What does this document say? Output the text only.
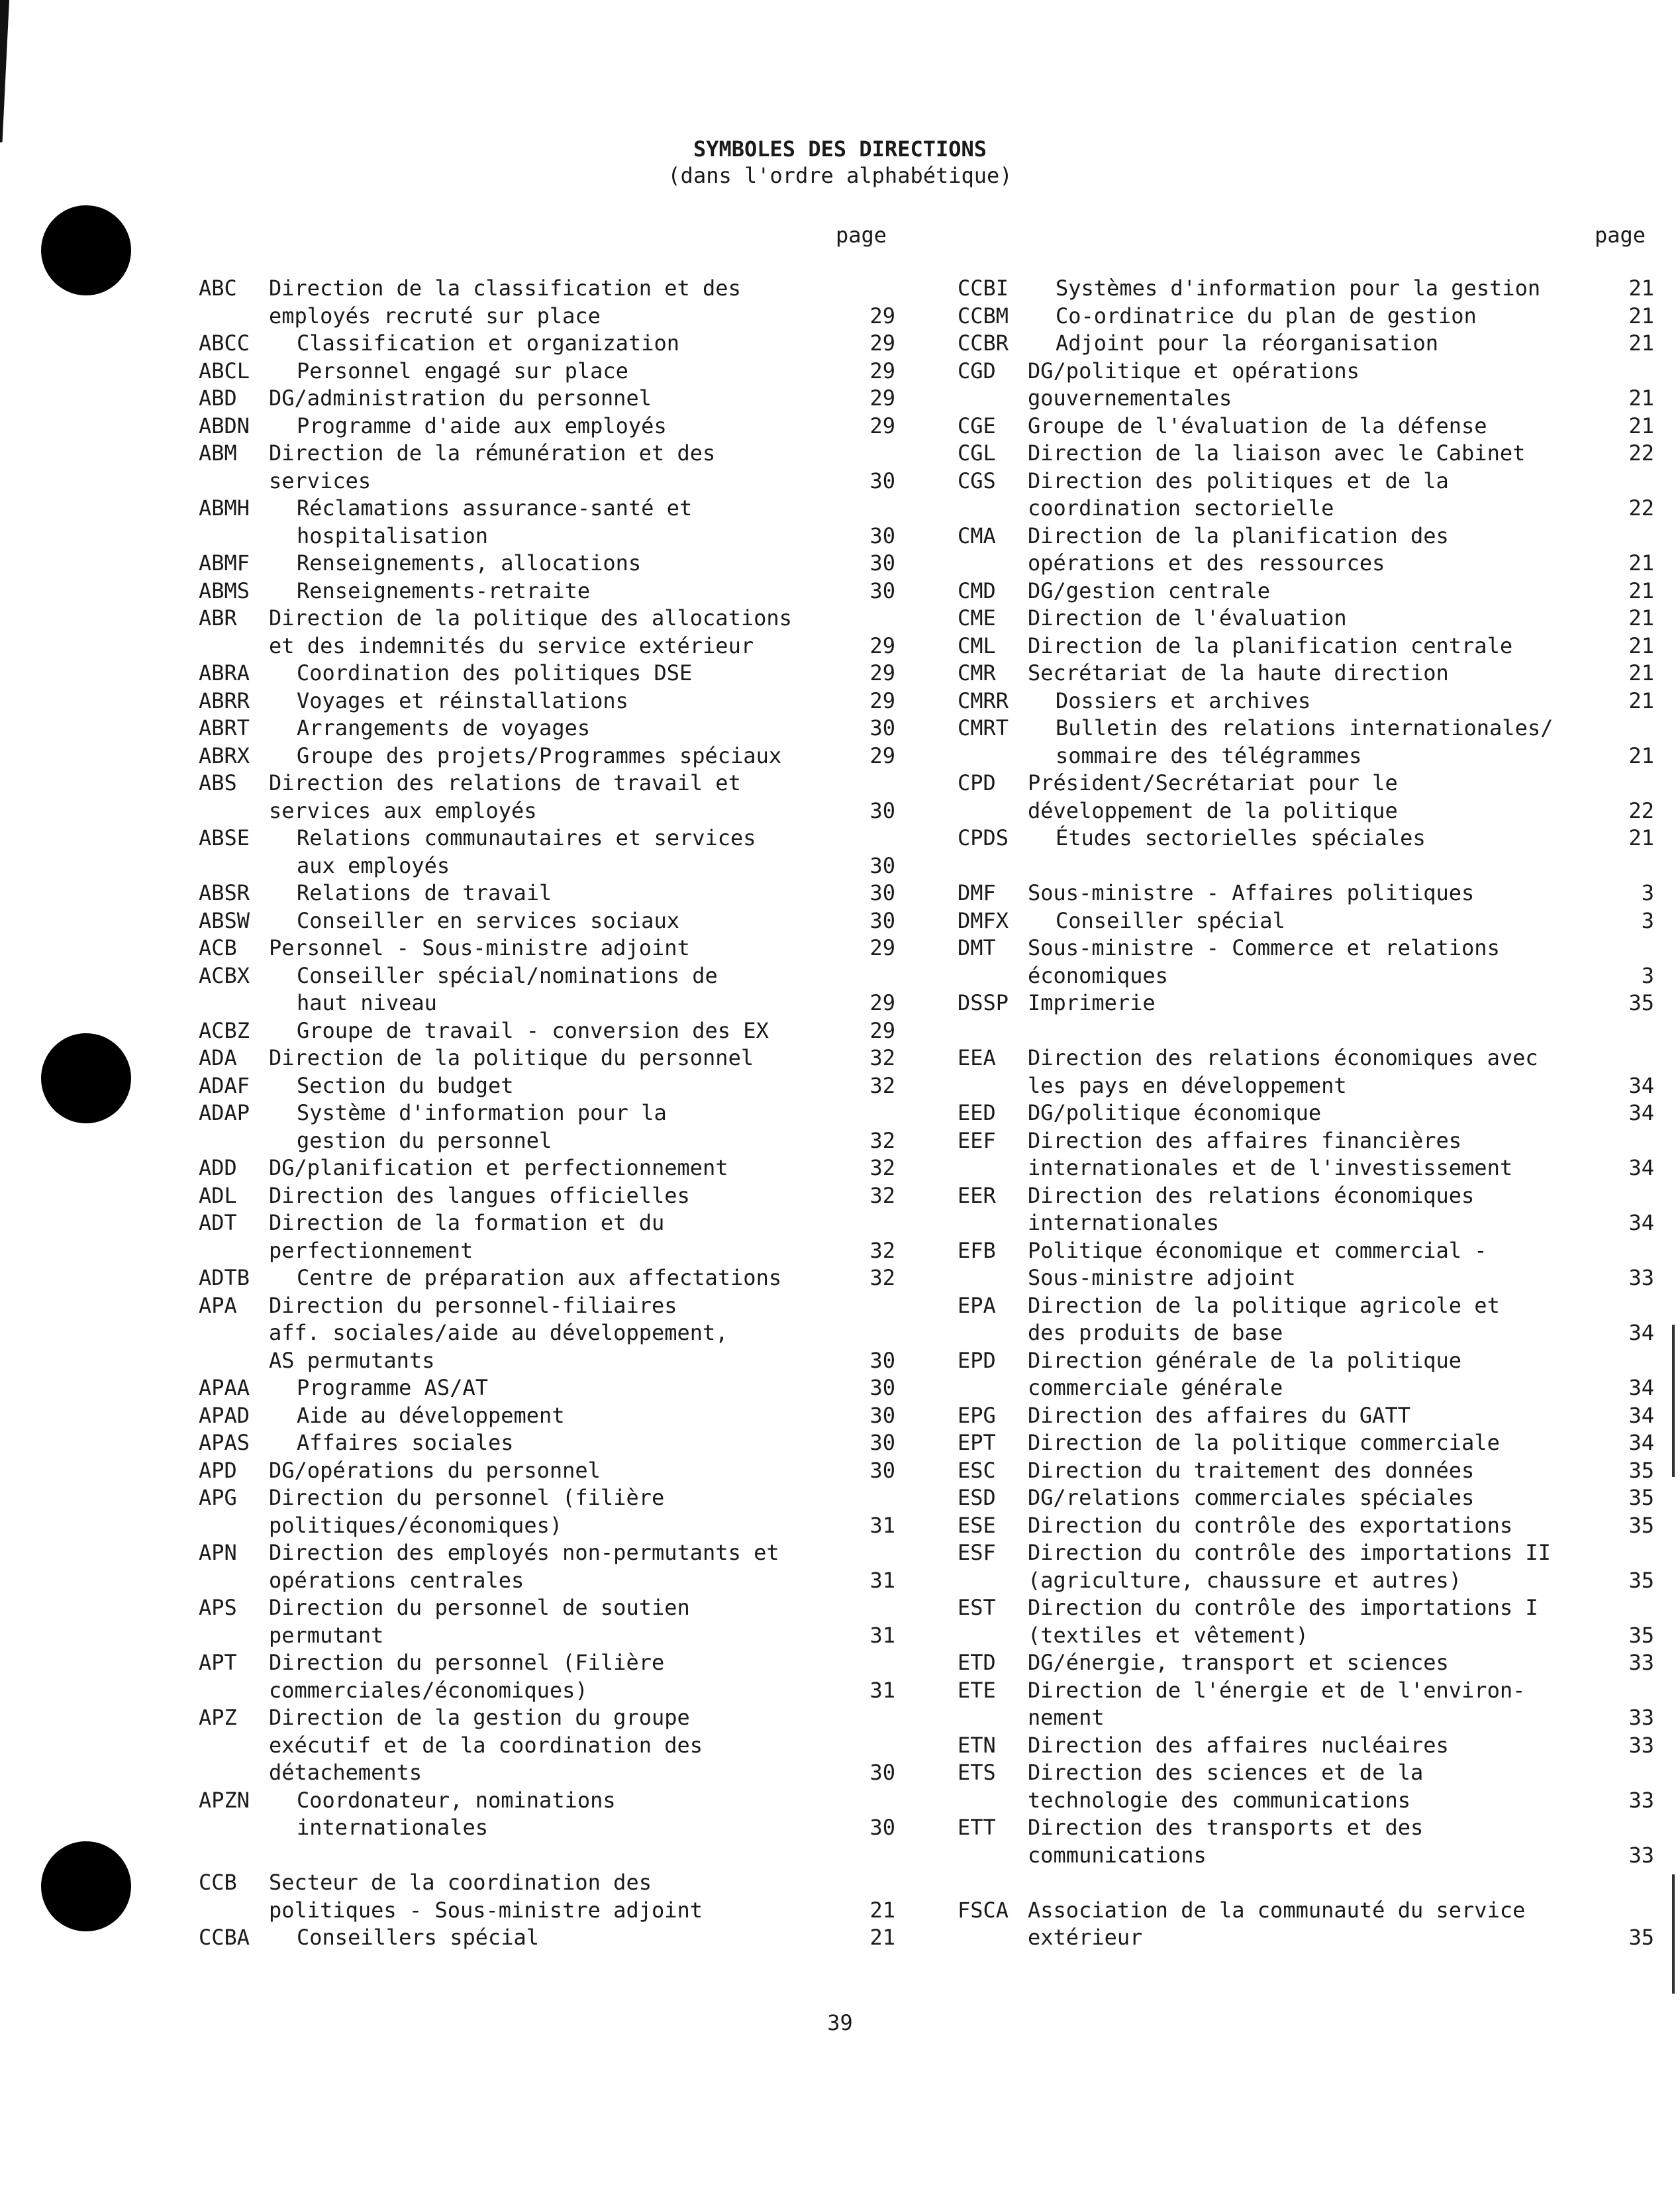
SYMBOLES DES DIRECTIONS
(dans l'ordre alphabétique)
page	page
ABC	Direction de la classification et des
employés recruté sur place	29
ABCC	Classification et organization	29
ABCL	Personnel engagé sur place	29
ABD	DG/administration du personnel	29
ABDN	Programme d'aide aux employés	29
ABM	Direction de la rémunération et des
services	30
ABMH	Réclamations assurance-santé et
hospitalisation	30
ABMF	Renseignements, allocations	30
ABMS	Renseignements-retraite	30
ABR	Direction de la politique des allocations
et des indemnités du service extérieur	29
ABRA	Coordination des politiques DSE	29
ABRR	Voyages et réinstallations	29
ABRT	Arrangements de voyages	30
ABRX	Groupe des projets/Programmes spéciaux	29
ABS	Direction des relations de travail et
services aux employés	30
ABSE	Relations communautaires et services
aux employés	30
ABSR	Relations de travail	30
ABSW	Conseiller en services sociaux	30
ACB	Personnel - Sous-ministre adjoint	29
ACBX	Conseiller spécial/nominations de
haut niveau	29
ACBZ	Groupe de travail - conversion des EX	29
ADA	Direction de la politique du personnel	32
ADAF	Section du budget	32
ADAP	Système d'information pour la
gestion du personnel	32
ADD	DG/planification et perfectionnement	32
ADL	Direction des langues officielles	32
ADT	Direction de la formation et du
perfectionnement	32
ADTB	Centre de préparation aux affectations	32
APA	Direction du personnel-filiaires
aff. sociales/aide au développement,
AS permutants	30
APAA	Programme AS/AT	30
APAD	Aide au développement	30
APAS	Affaires sociales	30
APD	DG/opérations du personnel	30
APG	Direction du personnel (filière
politiques/économiques)	31
APN	Direction des employés non-permutants et
opérations centrales	31
APS	Direction du personnel de soutien
permutant	31
APT	Direction du personnel (Filière
commerciales/économiques)	31
APZ	Direction de la gestion du groupe
exécutif et de la coordination des
détachements	30
APZN	Coordonateur, nominations
internationales	30
CCB	Secteur de la coordination des
politiques - Sous-ministre adjoint	21
CCBA	Conseillers spécial	21
CCBI	Systèmes d'information pour la gestion	21
CCBM	Co-ordinatrice du plan de gestion	21
CCBR	Adjoint pour la réorganisation	21
CGD	DG/politique et opérations
gouvernementales	21
CGE	Groupe de l'évaluation de la défense	21
CGL	Direction de la liaison avec le Cabinet	22
CGS	Direction des politiques et de la
coordination sectorielle	22
CMA	Direction de la planification des
opérations et des ressources	21
CMD	DG/gestion centrale	21
CME	Direction de l'évaluation	21
CML	Direction de la planification centrale	21
CMR	Secrétariat de la haute direction	21
CMRR	Dossiers et archives	21
CMRT	Bulletin des relations internationales/
sommaire des télégrammes	21
CPD	Président/Secrétariat pour le
développement de la politique	22
CPDS	Études sectorielles spéciales	21
DMF	Sous-ministre - Affaires politiques	3
DMFX	Conseiller spécial	3
DMT	Sous-ministre - Commerce et relations
économiques	3
DSSP Imprimerie	35
EEA	Direction des relations économiques avec
les pays en développement	34
EED	DG/politique économique	34
EEF	Direction des affaires financières
internationales et de l'investissement	34
EER	Direction des relations économiques
internationales	34
EFB	Politique économique et commercial -
Sous-ministre adjoint	33
EPA	Direction de la politique agricole et
des produits de base	34
EPD	Direction générale de la politique
commerciale générale	34
EPG	Direction des affaires du GATT	34
EPT	Direction de la politique commerciale	34
ESC	Direction du traitement des données	35
ESD	DG/relations commerciales spéciales	35
ESE	Direction du contrôle des exportations	35
ESF	Direction du contrôle des importations II
(agriculture, chaussure et autres)	35
EST	Direction du contrôle des importations I
(textiles et vêtement)	35
ETD	DG/énergie, transport et sciences	33
ETE	Direction de l'énergie et de l'environ-
nement	33
ETN	Direction des affaires nucléaires	33
ETS	Direction des sciences et de la
technologie des communications	33
ETT	Direction des transports et des
communications	33
FSCA Association de la communauté du service
extérieur	35
39
